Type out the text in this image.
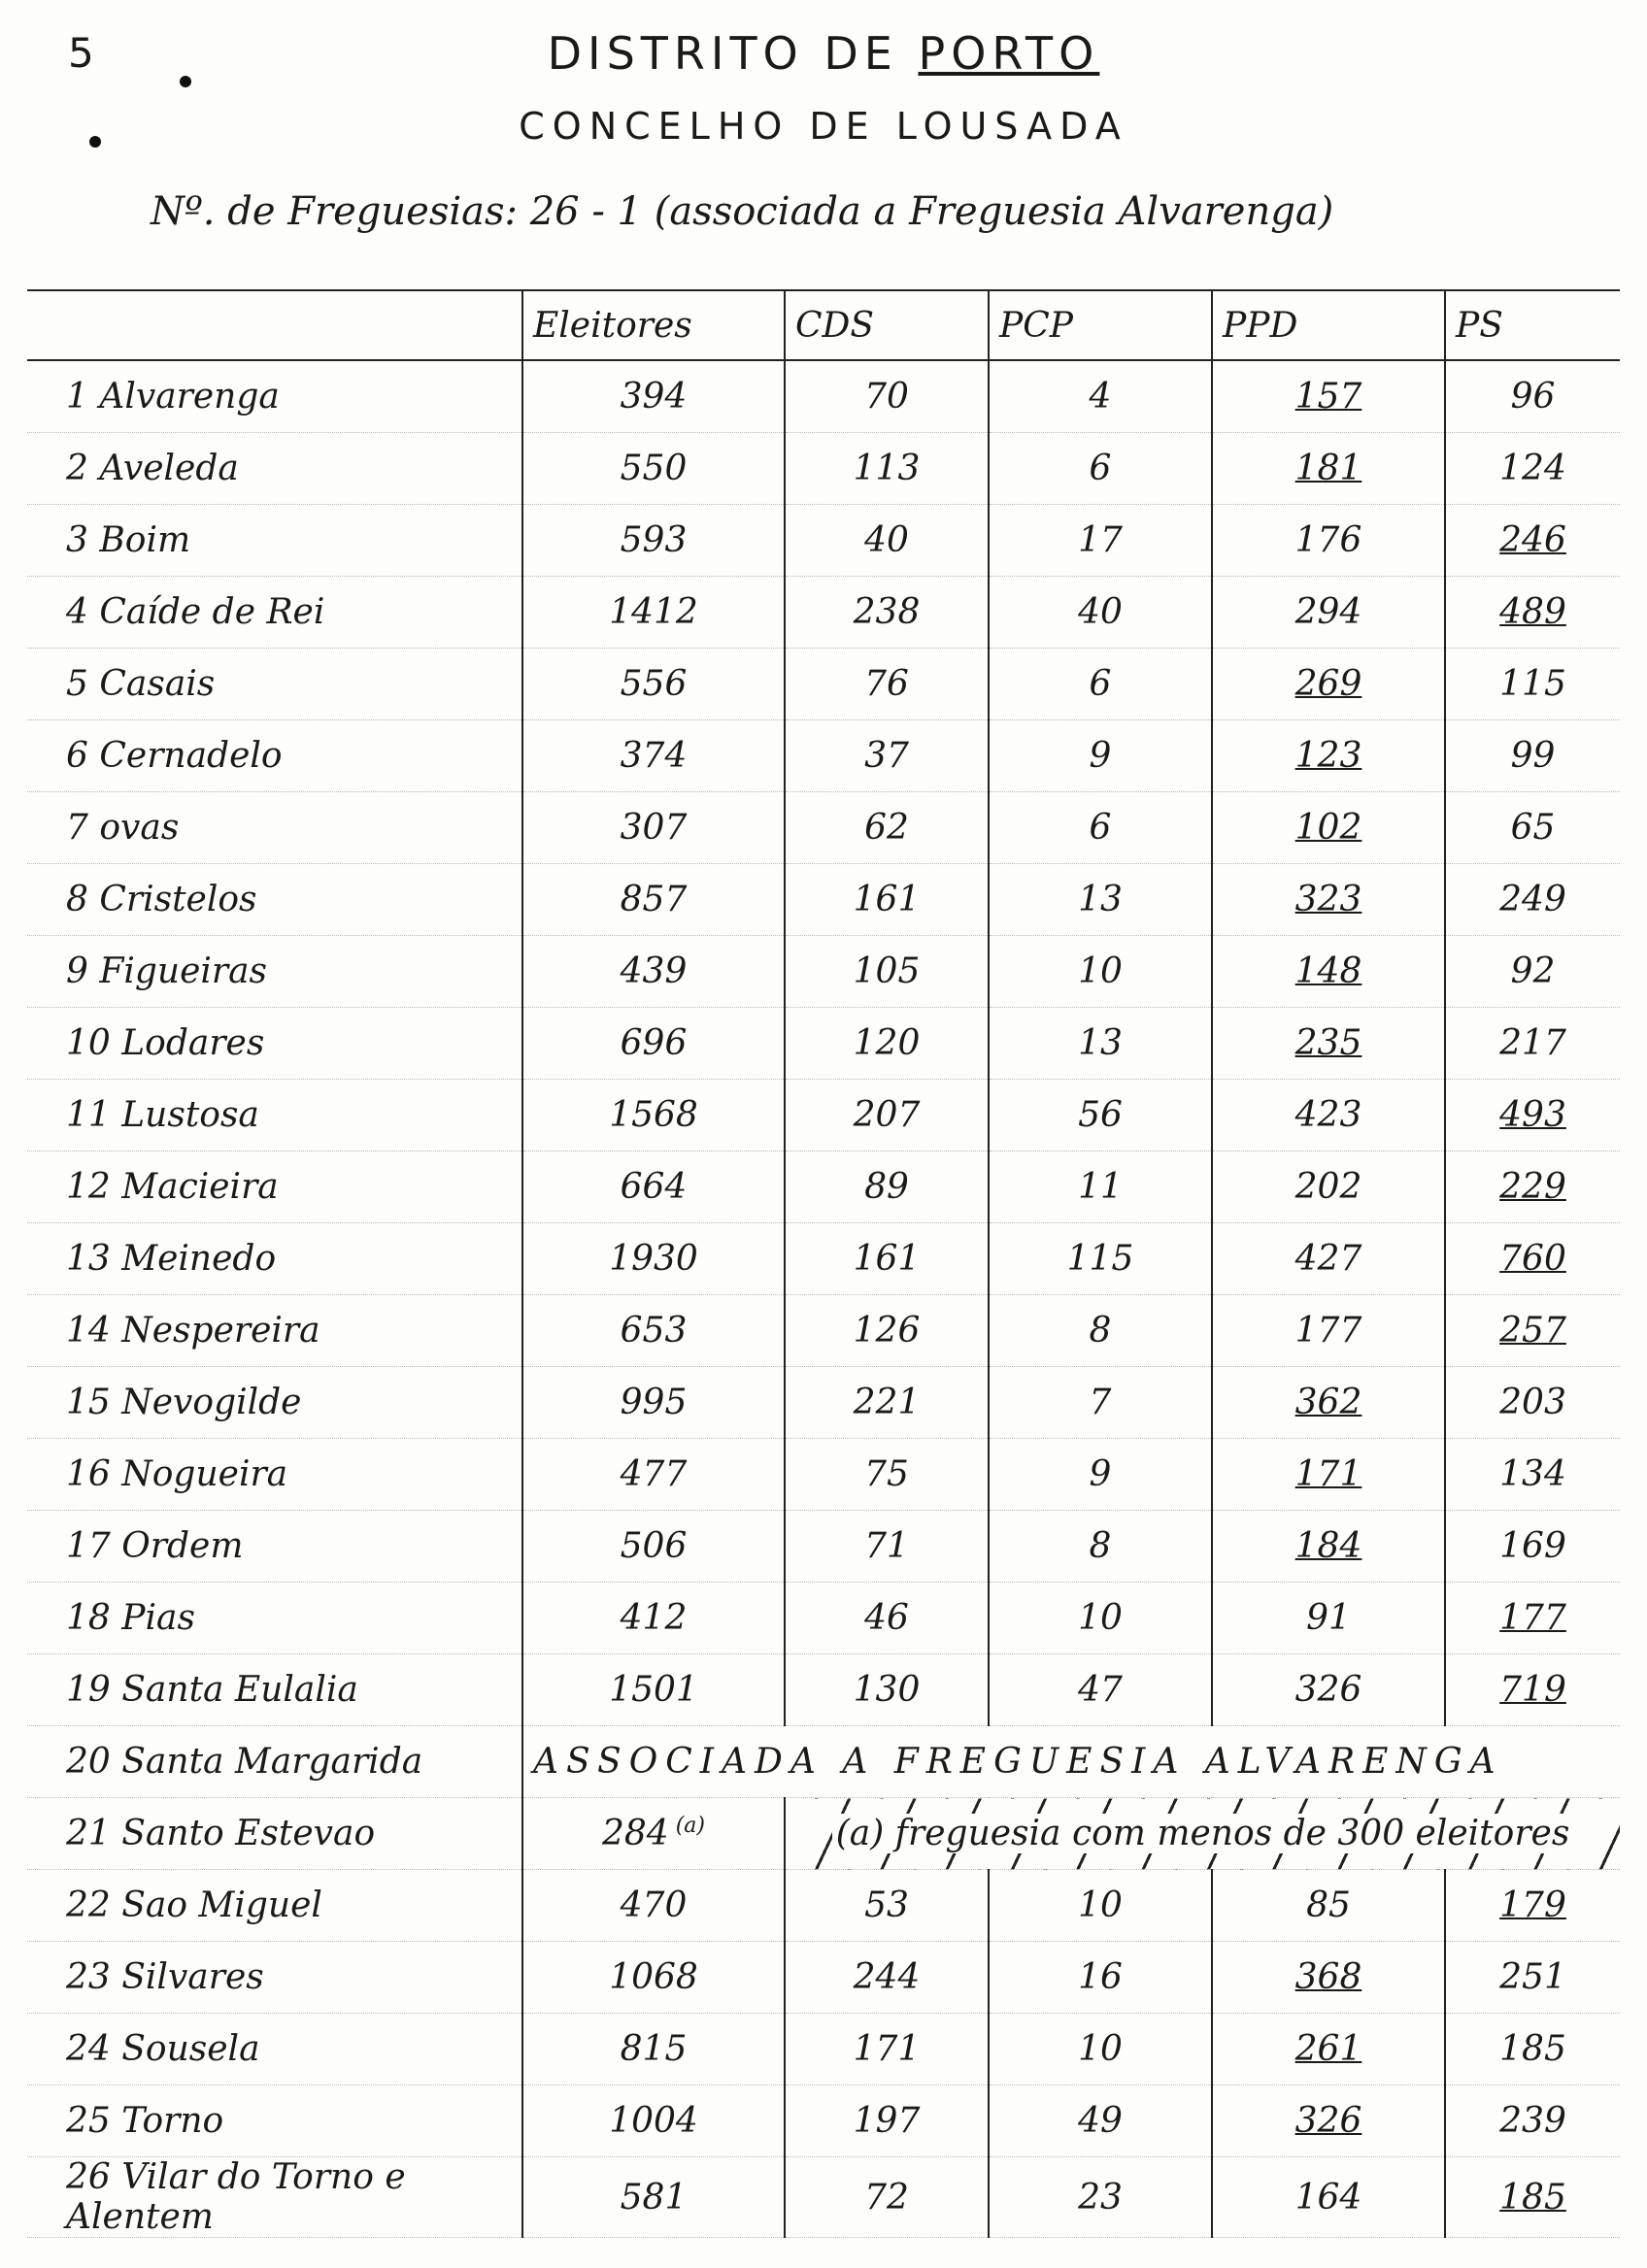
5	DISTRITO DE PORTO
CONCELHO DE LOUSADA
Nº. de Freguesias: 26 - 1 (associada a Freguesia Alvarenga)
	Eleitores	CDS	PCP	PPD	PS
1 Alvarenga	394	70	4	157	96
2 Aveleda	550	113	6	181	124
3 Boim	593	40	17	176	246
4 Caíde de Rei	1412	238	40	294	489
5 Casais	556	76	6	269	115
6 Cernadelo	374	37	9	123	99
7 ovas	307	62	6	102	65
8 Cristelos	857	161	13	323	249
9 Figueiras	439	105	10	148	92
10 Lodares	696	120	13	235	217
11 Lustosa	1568	207	56	423	493
12 Macieira	664	89	11	202	229
13 Meinedo	1930	161	115	427	760
14 Nespereira	653	126	8	177	257
15 Nevogilde	995	221	7	362	203
16 Nogueira	477	75	9	171	134
17 Ordem	506	71	8	184	169
18 Pias	412	46	10	91	177
19 Santa Eulalia	1501	130	47	326	719
20 Santa Margarida	ASSOCIADA A FREGUESIA ALVARENGA				
21 Santo Estevao	284 $^{(a)}$	(a) freguesia com menos de 300 eleitores			
22 Sao Miguel	470	53	10	85	179
23 Silvares	1068	244	16	368	251
24 Sousela	815	171	10	261	185
25 Torno	1004	197	49	326	239
26 Vilar do Torno e Alentem	581	72	23	164	185
